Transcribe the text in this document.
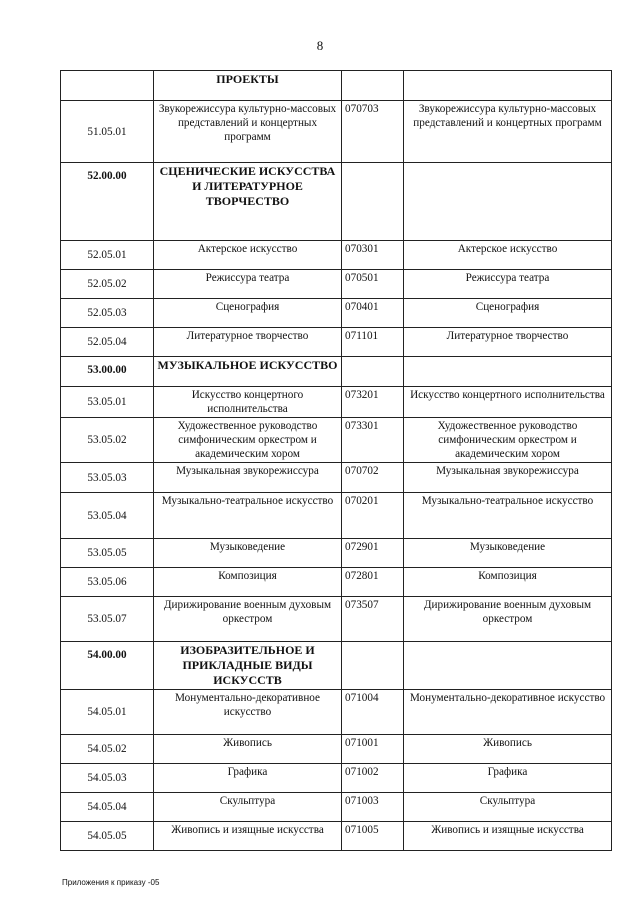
8
	ПРОЕКТЫ		
51.05.01	Звукорежиссура культурно-массовых представлений и концертных программ	070703	Звукорежиссура культурно-массовых представлений и концертных программ
52.00.00	СЦЕНИЧЕСКИЕ ИСКУССТВА И ЛИТЕРАТУРНОЕ ТВОРЧЕСТВО		
52.05.01	Актерское искусство	070301	Актерское искусство
52.05.02	Режиссура театра	070501	Режиссура театра
52.05.03	Сценография	070401	Сценография
52.05.04	Литературное творчество	071101	Литературное творчество
53.00.00	МУЗЫКАЛЬНОЕ ИСКУССТВО		
53.05.01	Искусство концертного исполнительства	073201	Искусство концертного исполнительства
53.05.02	Художественное руководство симфоническим оркестром и академическим хором	073301	Художественное руководство симфоническим оркестром и академическим хором
53.05.03	Музыкальная звукорежиссура	070702	Музыкальная звукорежиссура
53.05.04	Музыкально-театральное искусство	070201	Музыкально-театральное искусство
53.05.05	Музыковедение	072901	Музыковедение
53.05.06	Композиция	072801	Композиция
53.05.07	Дирижирование военным духовым оркестром	073507	Дирижирование военным духовым оркестром
54.00.00	ИЗОБРАЗИТЕЛЬНОЕ И ПРИКЛАДНЫЕ ВИДЫ ИСКУССТВ		
54.05.01	Монументально-декоративное искусство	071004	Монументально-декоративное искусство
54.05.02	Живопись	071001	Живопись
54.05.03	Графика	071002	Графика
54.05.04	Скульптура	071003	Скульптура
54.05.05	Живопись и изящные искусства	071005	Живопись и изящные искусства
Приложения к приказу -05
